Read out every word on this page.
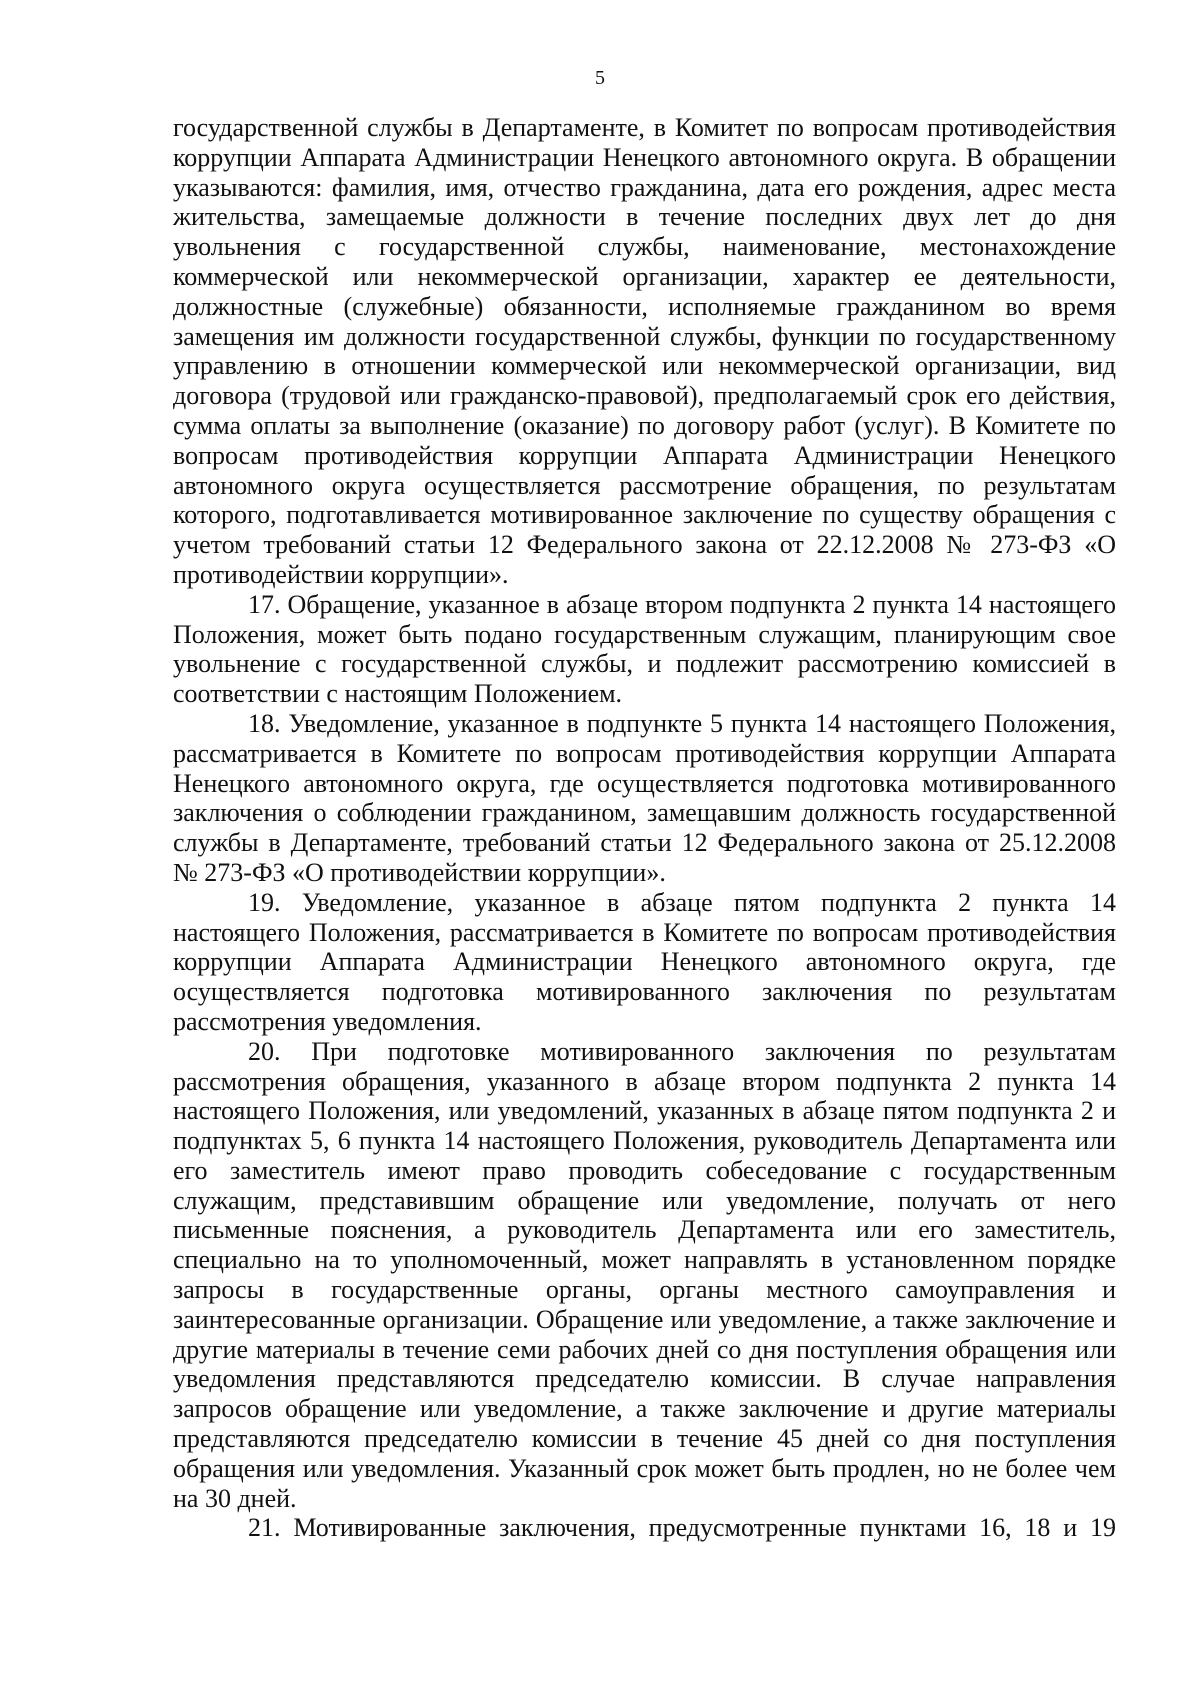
5

государственной службы в Департаменте, в Комитет по вопросам противодействия коррупции Аппарата Администрации Ненецкого автономного округа. В обращении указываются: фамилия, имя, отчество гражданина, дата его рождения, адрес места жительства, замещаемые должности в течение последних двух лет до дня увольнения с государственной службы, наименование, местонахождение коммерческой или некоммерческой организации, характер ее деятельности, должностные (служебные) обязанности, исполняемые гражданином во время замещения им должности государственной службы, функции по государственному управлению в отношении коммерческой или некоммерческой организации, вид договора (трудовой или гражданско-правовой), предполагаемый срок его действия, сумма оплаты за выполнение (оказание) по договору работ (услуг). В Комитете по вопросам противодействия коррупции Аппарата Администрации Ненецкого автономного округа осуществляется рассмотрение обращения, по результатам которого, подготавливается мотивированное заключение по существу обращения с учетом требований статьи 12 Федерального закона от 22.12.2008 № 273-ФЗ «О противодействии коррупции».

17. Обращение, указанное в абзаце втором подпункта 2 пункта 14 настоящего Положения, может быть подано государственным служащим, планирующим свое увольнение с государственной службы, и подлежит рассмотрению комиссией в соответствии с настоящим Положением.

18. Уведомление, указанное в подпункте 5 пункта 14 настоящего Положения, рассматривается в Комитете по вопросам противодействия коррупции Аппарата Ненецкого автономного округа, где осуществляется подготовка мотивированного заключения о соблюдении гражданином, замещавшим должность государственной службы в Департаменте, требований статьи 12 Федерального закона от 25.12.2008 № 273-ФЗ «О противодействии коррупции».

19. Уведомление, указанное в абзаце пятом подпункта 2 пункта 14 настоящего Положения, рассматривается в Комитете по вопросам противодействия коррупции Аппарата Администрации Ненецкого автономного округа, где осуществляется подготовка мотивированного заключения по результатам рассмотрения уведомления.

20. При подготовке мотивированного заключения по результатам рассмотрения обращения, указанного в абзаце втором подпункта 2 пункта 14 настоящего Положения, или уведомлений, указанных в абзаце пятом подпункта 2 и подпунктах 5, 6 пункта 14 настоящего Положения, руководитель Департамента или его заместитель имеют право проводить собеседование с государственным служащим, представившим обращение или уведомление, получать от него письменные пояснения, а руководитель Департамента или его заместитель, специально на то уполномоченный, может направлять в установленном порядке запросы в государственные органы, органы местного самоуправления и заинтересованные организации. Обращение или уведомление, а также заключение и другие материалы в течение семи рабочих дней со дня поступления обращения или уведомления представляются председателю комиссии. В случае направления запросов обращение или уведомление, а также заключение и другие материалы представляются председателю комиссии в течение 45 дней со дня поступления обращения или уведомления. Указанный срок может быть продлен, но не более чем на 30 дней.

21. Мотивированные заключения, предусмотренные пунктами 16, 18 и 19
